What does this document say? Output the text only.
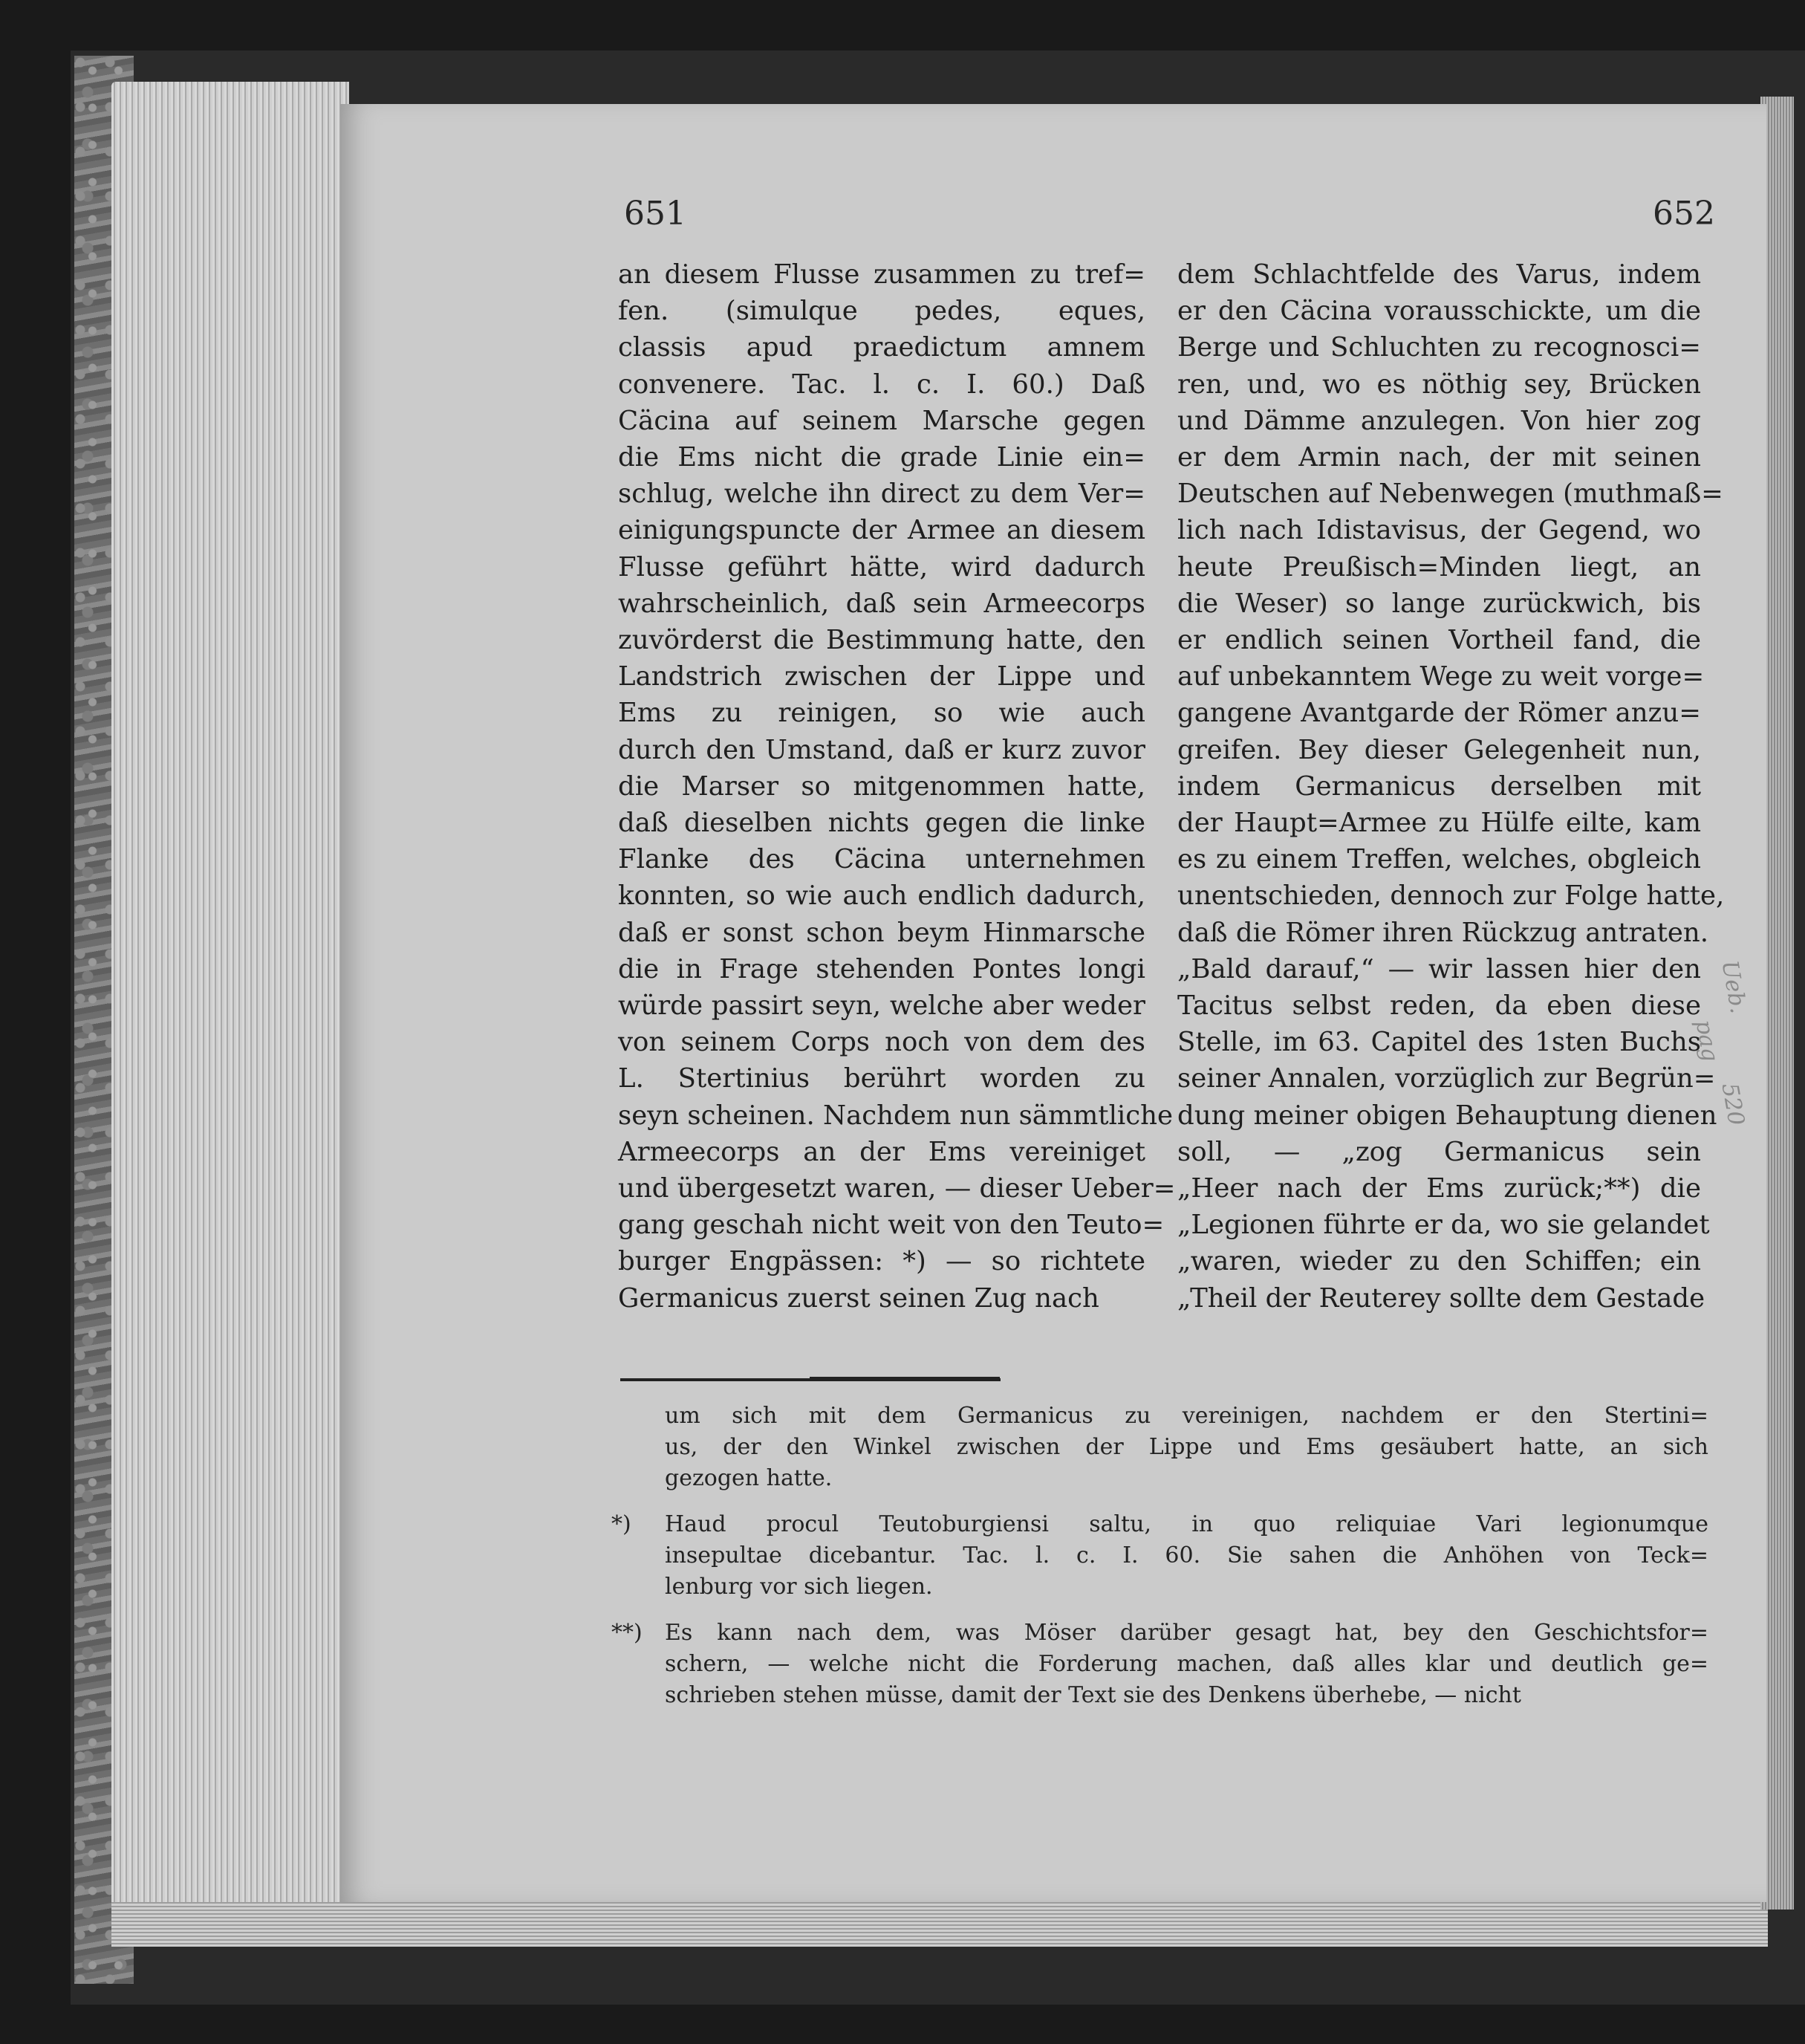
651	652

an diesem Flusse zusammen zu tref=

fen. (simulque pedes, eques,

classis apud praedictum amnem

convenere. Tac. l. c. I. 60.) Daß

Cäcina auf seinem Marsche gegen

die Ems nicht die grade Linie ein=

schlug, welche ihn direct zu dem Ver=

einigungspuncte der Armee an diesem

Flusse geführt hätte, wird dadurch

wahrscheinlich, daß sein Armeecorps

zuvörderst die Bestimmung hatte, den

Landstrich zwischen der Lippe und

Ems zu reinigen, so wie auch

durch den Umstand, daß er kurz zuvor

die Marser so mitgenommen hatte,

daß dieselben nichts gegen die linke

Flanke des Cäcina unternehmen

konnten, so wie auch endlich dadurch,

daß er sonst schon beym Hinmarsche

die in Frage stehenden Pontes longi

würde passirt seyn, welche aber weder

von seinem Corps noch von dem des

L. Stertinius berührt worden zu

seyn scheinen. Nachdem nun sämmtliche

Armeecorps an der Ems vereiniget

und übergesetzt waren, — dieser Ueber=

gang geschah nicht weit von den Teuto=

burger Engpässen: *) — so richtete

Germanicus zuerst seinen Zug nach

dem Schlachtfelde des Varus, indem

er den Cäcina vorausschickte, um die

Berge und Schluchten zu recognosci=

ren, und, wo es nöthig sey, Brücken

und Dämme anzulegen. Von hier zog

er dem Armin nach, der mit seinen

Deutschen auf Nebenwegen (muthmaß=

lich nach Idistavisus, der Gegend, wo

heute Preußisch=Minden liegt, an

die Weser) so lange zurückwich, bis

er endlich seinen Vortheil fand, die

auf unbekanntem Wege zu weit vorge=

gangene Avantgarde der Römer anzu=

greifen. Bey dieser Gelegenheit nun,

indem Germanicus derselben mit

der Haupt=Armee zu Hülfe eilte, kam

es zu einem Treffen, welches, obgleich

unentschieden, dennoch zur Folge hatte,

daß die Römer ihren Rückzug antraten.

„Bald darauf,“ — wir lassen hier den

Tacitus selbst reden, da eben diese

Stelle, im 63. Capitel des 1sten Buchs

seiner Annalen, vorzüglich zur Begrün=

dung meiner obigen Behauptung dienen

soll, — „zog Germanicus sein

„Heer nach der Ems zurück;**) die

„Legionen führte er da, wo sie gelandet

„waren, wieder zu den Schiffen; ein

„Theil der Reuterey sollte dem Gestade

um sich mit dem Germanicus zu vereinigen, nachdem er den Stertini=

us, der den Winkel zwischen der Lippe und Ems gesäubert hatte, an sich

gezogen hatte.

*) Haud procul Teutoburgiensi saltu, in quo reliquiae Vari legionumque

insepultae dicebantur. Tac. l. c. I. 60. Sie sahen die Anhöhen von Teck=

lenburg vor sich liegen.

**) Es kann nach dem, was Möser darüber gesagt hat, bey den Geschichtsfor=

schern, — welche nicht die Forderung machen, daß alles klar und deutlich ge=

schrieben stehen müsse, damit der Text sie des Denkens überhebe, — nicht

Ueb.
pag
520
